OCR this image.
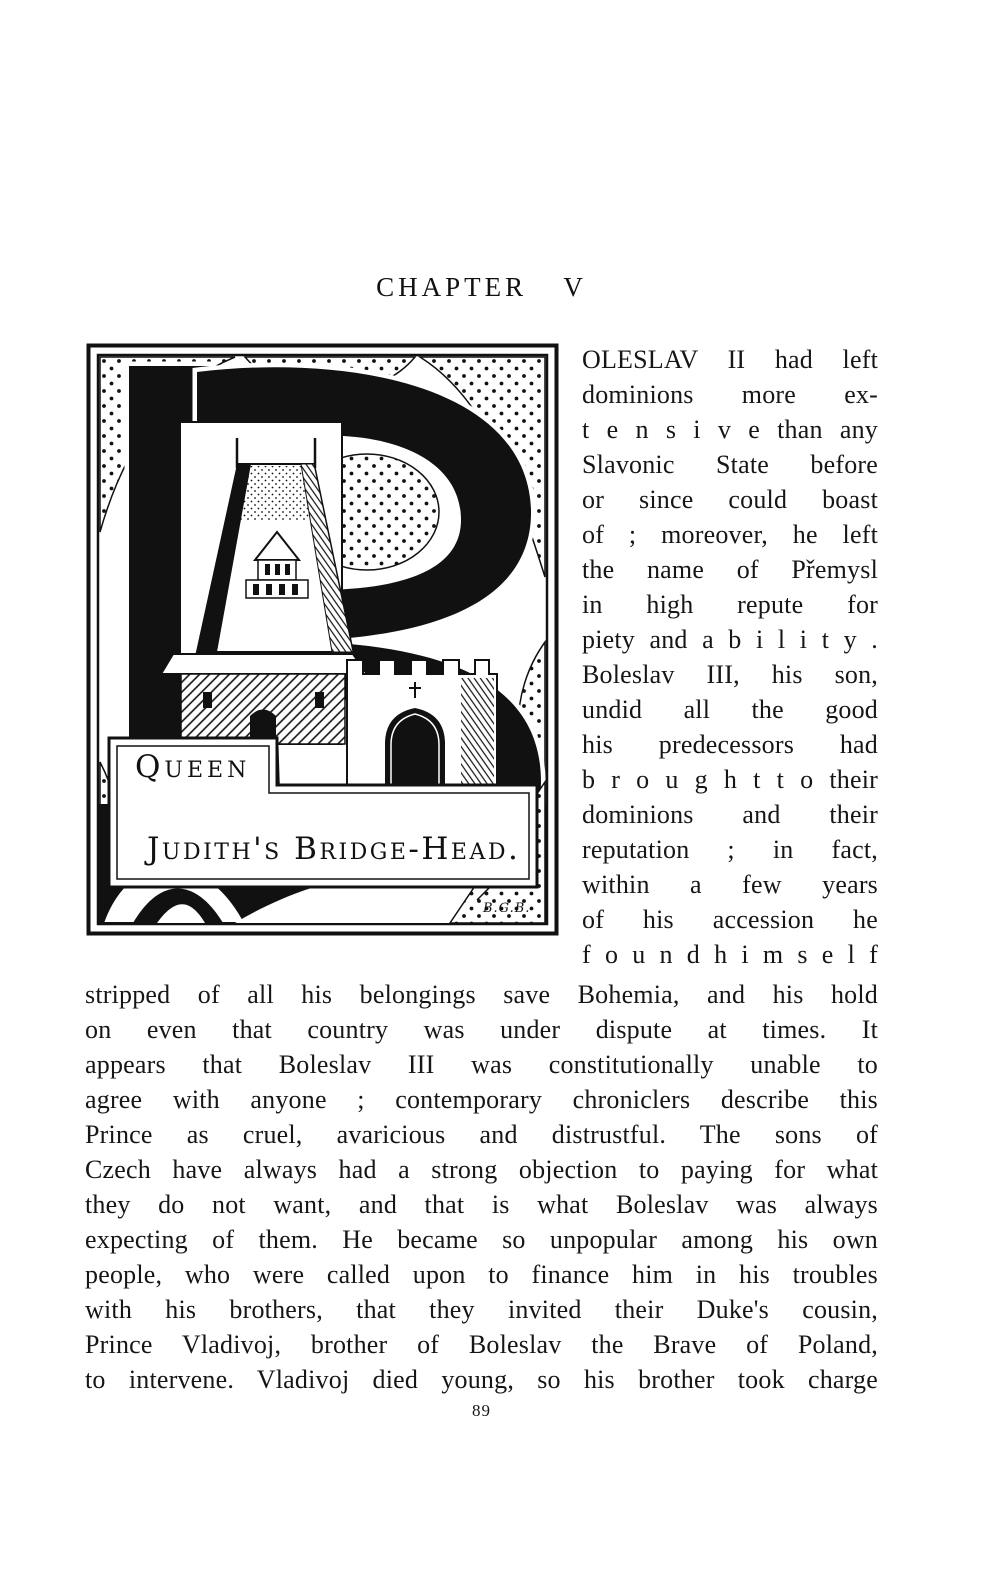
CHAPTER V
Queen
Judith's Bridge-Head.
B.G.B.
OLESLAV II had left
dominions more ex-
t e n s i v e than any
Slavonic State before
or since could boast
of ; moreover, he left
the name of Přemysl
in high repute for
piety and a b i l i t y .
Boleslav III, his son,
undid all the good
his predecessors had
b r o u g h t t o their
dominions and their
reputation ; in fact,
within a few years
of his accession he
f o u n d h i m s e l f
stripped of all his belongings save Bohemia, and his hold
on even that country was under dispute at times. It
appears that Boleslav III was constitutionally unable to
agree with anyone ; contemporary chroniclers describe this
Prince as cruel, avaricious and distrustful. The sons of
Czech have always had a strong objection to paying for what
they do not want, and that is what Boleslav was always
expecting of them. He became so unpopular among his own
people, who were called upon to finance him in his troubles
with his brothers, that they invited their Duke's cousin,
Prince Vladivoj, brother of Boleslav the Brave of Poland,
to intervene. Vladivoj died young, so his brother took charge
89
